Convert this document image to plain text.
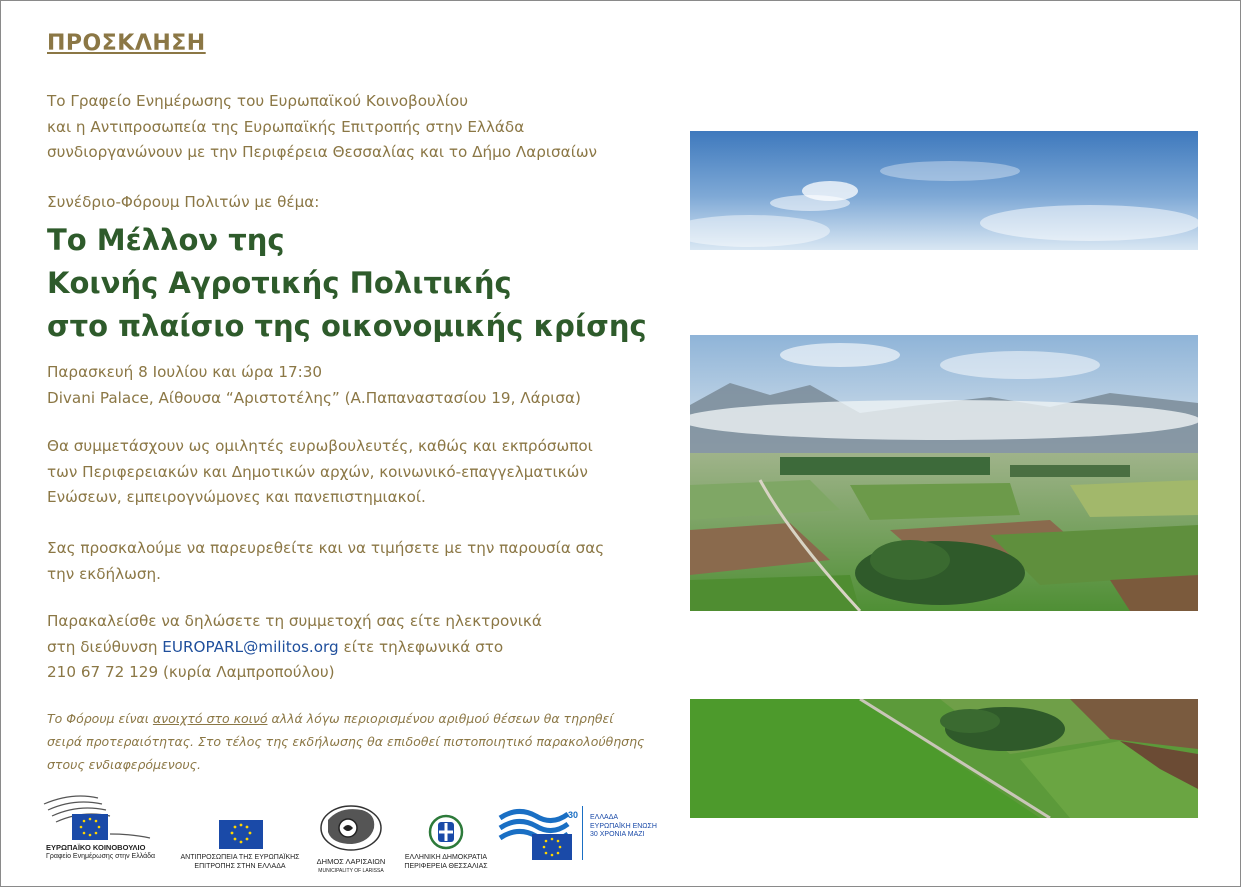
ΠΡΟΣΚΛΗΣΗ
Το Γραφείο Ενημέρωσης του Ευρωπαϊκού Κοινοβουλίου
και η Αντιπροσωπεία της Ευρωπαϊκής Επιτροπής στην Ελλάδα
συνδιοργανώνουν με την Περιφέρεια Θεσσαλίας και το Δήμο Λαρισαίων
Συνέδριο-Φόρουμ Πολιτών με θέμα:
Το Μέλλον της
Κοινής Αγροτικής Πολιτικής
στο πλαίσιο της οικονομικής κρίσης
Παρασκευή 8 Ιουλίου και ώρα 17:30
Divani Palace, Αίθουσα “Αριστοτέλης” (Α.Παπαναστασίου 19, Λάρισα)
Θα συμμετάσχουν ως ομιλητές ευρωβουλευτές, καθώς και εκπρόσωποι
των Περιφερειακών και Δημοτικών αρχών, κοινωνικό-επαγγελματικών
Ενώσεων, εμπειρογνώμονες και πανεπιστημιακοί.
Σας προσκαλούμε να παρευρεθείτε και να τιμήσετε με την παρουσία σας
την εκδήλωση.
Παρακαλείσθε να δηλώσετε τη συμμετοχή σας είτε ηλεκτρονικά
στη διεύθυνση EUROPARL@militos.org είτε τηλεφωνικά στο
210 67 72 129 (κυρία Λαμπροπούλου)
Το Φόρουμ είναι ανοιχτό στο κοινό αλλά λόγω περιορισμένου αριθμού θέσεων θα τηρηθεί
σειρά προτεραιότητας. Στο τέλος της εκδήλωσης θα επιδοθεί πιστοποιητικό παρακολούθησης
στους ενδιαφερόμενους.
ΕΥΡΩΠΑΪΚΟ ΚΟΙΝΟΒΟΥΛΙΟ
Γραφείο Ενημέρωσης στην Ελλάδα	ΑΝΤΙΠΡΟΣΩΠΕΙΑ ΤΗΣ ΕΥΡΩΠΑΪΚΗΣ
ΕΠΙΤΡΟΠΗΣ ΣΤΗΝ ΕΛΛΑΔΑ	ΔΗΜΟΣ ΛΑΡΙΣΑΙΩΝ
MUNICIPALITY OF LARISSA
ΕΛΛΗΝΙΚΗ ΔΗΜΟΚΡΑΤΙΑ
ΠΕΡΙΦΕΡΕΙΑ ΘΕΣΣΑΛΙΑΣ
30 ΕΛΛΑΔΑ
ΕΥΡΩΠΑΪΚΗ ΕΝΩΣΗ
30 ΧΡΟΝΙΑ ΜΑΖΙ
